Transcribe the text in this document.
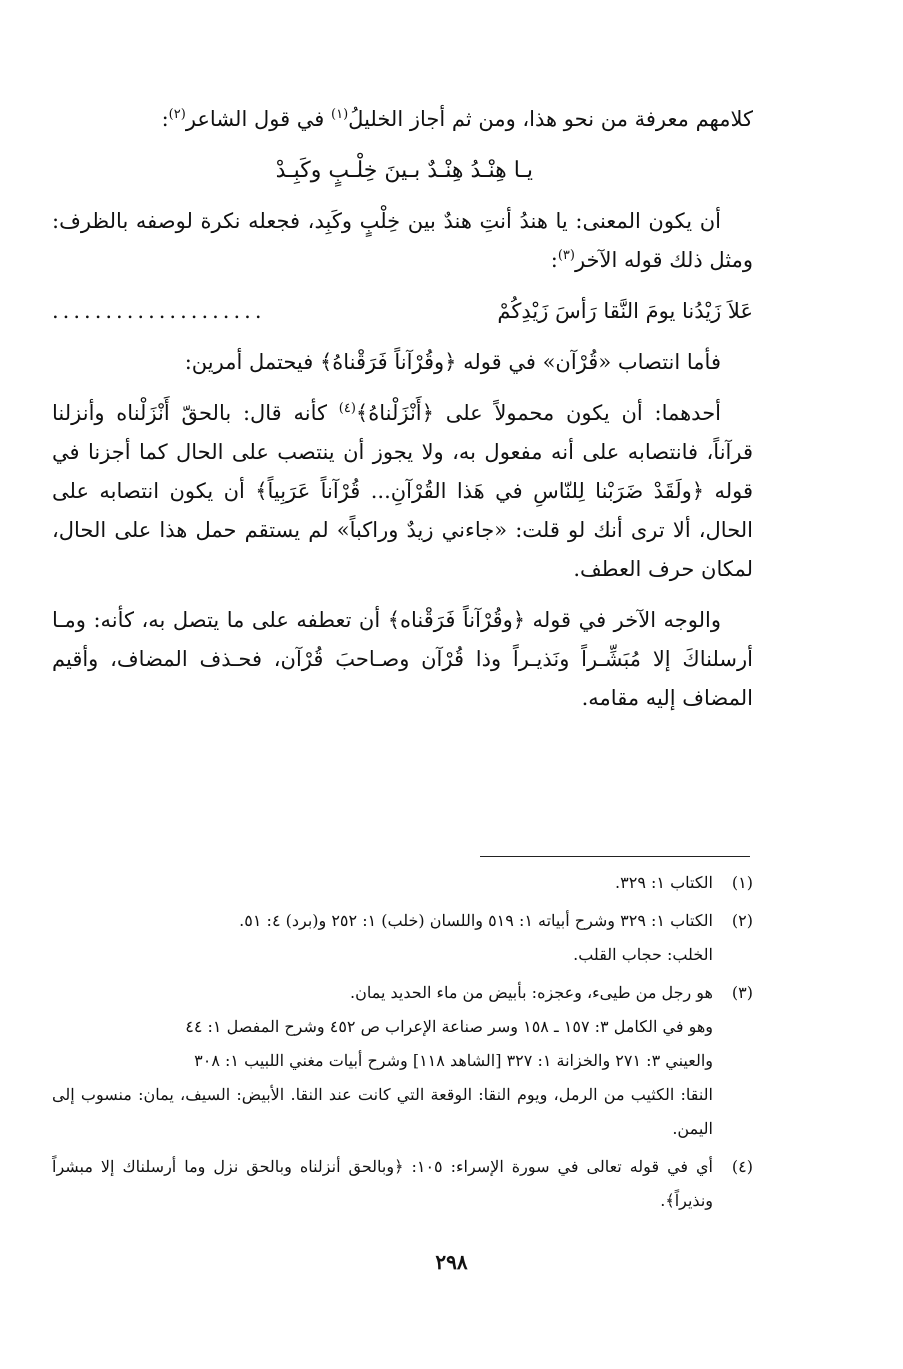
كلامهم معرفة من نحو هذا، ومن ثم أجاز الخليلُ$^{(١)}$ في قول الشاعر$^{(٢)}$:

يـا هِنْـدُ هِنْـدٌ بـينَ خِلْـبٍ وكَبِـدْ

أن يكون المعنى: يا هندُ أنتِ هندٌ بين خِلْبٍ وكَبِد، فجعله نكرة لوصفه بالظرف: ومثل ذلك قوله الآخر$^{(٣)}$:

عَلاَ زَيْدُنا يومَ النَّقا رَأسَ زَيْدِكُمْ
....................

فأما انتصاب «قُرْآن» في قوله ﴿وقُرْآناً فَرَقْناهُ﴾ فيحتمل أمرين:

أحدهما: أن يكون محمولاً على ﴿أَنْزَلْناهُ﴾$^{(٤)}$ كأنه قال: بالحقّ أَنْزَلْناه وأنزلنا قرآناً، فانتصابه على أنه مفعول به، ولا يجوز أن ينتصب على الحال كما أجزنا في قوله ﴿ولَقَدْ ضَرَبْنا لِلنّاسِ في هَذا القُرْآنِ... قُرْآناً عَرَبِياً﴾ أن يكون انتصابه على الحال، ألا ترى أنك لو قلت: «جاءني زيدٌ وراكباً» لم يستقم حمل هذا على الحال، لمكان حرف العطف.

والوجه الآخر في قوله ﴿وقُرْآناً فَرَقْناه﴾ أن تعطفه على ما يتصل به، كأنه: ومـا أرسلناكَ إلا مُبَشِّـراً ونَذيـراً وذا قُرْآن وصـاحبَ قُرْآن، فحـذف المضاف، وأقيم المضاف إليه مقامه.

(١)
الكتاب ١: ٣٢٩.
(٢)
الكتاب ١: ٣٢٩ وشرح أبياته ١: ٥١٩ واللسان (خلب) ١: ٢٥٢ و(برد) ٤: ٥١.
الخلب: حجاب القلب.
(٣)
هو رجل من طيىء، وعجزه: بأبيض من ماء الحديد يمان.
وهو في الكامل ٣: ١٥٧ ـ ١٥٨ وسر صناعة الإعراب ص ٤٥٢ وشرح المفصل ١: ٤٤
والعيني ٣: ٢٧١ والخزانة ١: ٣٢٧ [الشاهد ١١٨] وشرح أبيات مغني اللبيب ١: ٣٠٨
النقا: الكثيب من الرمل، ويوم النقا: الوقعة التي كانت عند النقا. الأبيض: السيف، يمان: منسوب إلى اليمن.
(٤)
أي في قوله تعالى في سورة الإسراء: ١٠٥: ﴿وبالحق أنزلناه وبالحق نزل وما أرسلناك إلا مبشراً ونذيراً﴾.
٢٩٨
